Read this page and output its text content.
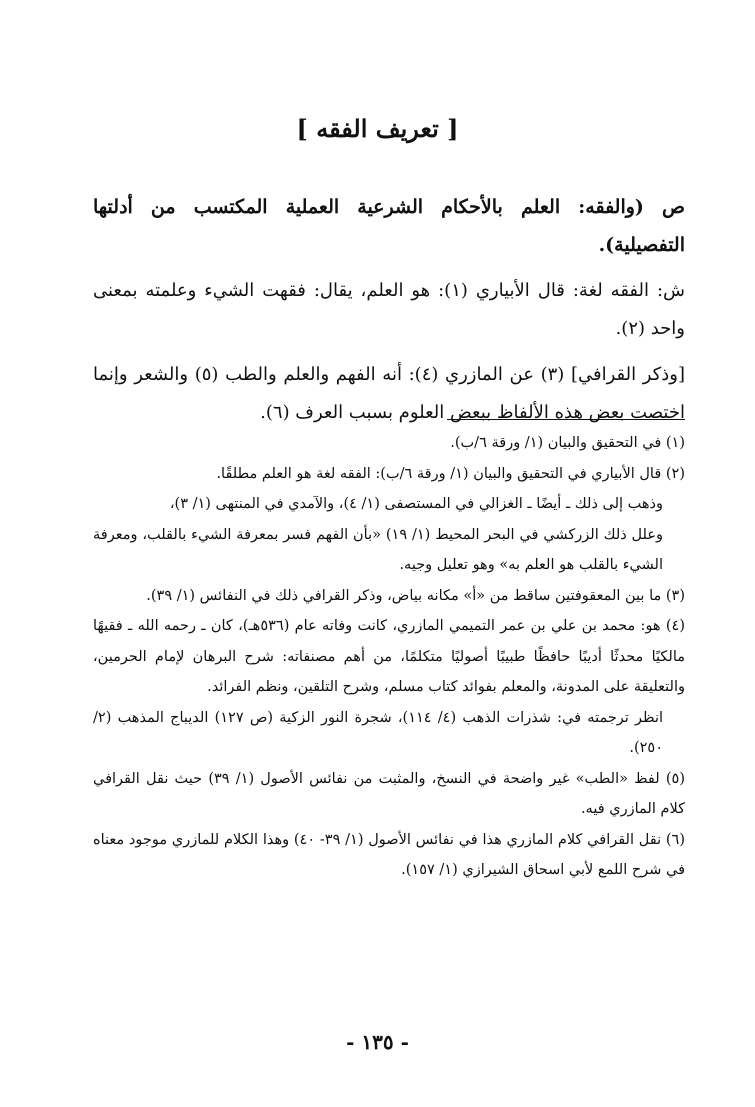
[ تعريف الفقه ]

ص (والفقه: العلم بالأحكام الشرعية العملية المكتسب من أدلتها التفصيلية).

ش: الفقه لغة: قال الأبياري (١): هو العلم، يقال: فقهت الشيء وعلمته بمعنى واحد (٢).

[وذكر القرافي] (٣) عن المازري (٤): أنه الفهم والعلم والطب (٥) والشعر وإنما اختصت بعض هذه الألفاظ ببعض العلوم بسبب العرف (٦).

(١) في التحقيق والبيان (١/ ورقة ٦/ب).

(٢) قال الأبياري في التحقيق والبيان (١/ ورقة ٦/ب): الفقه لغة هو العلم مطلقًا.

وذهب إلى ذلك ـ أيضًا ـ الغزالي في المستصفى (١/ ٤)، والآمدي في المنتهى (١/ ٣)،

وعلل ذلك الزركشي في البحر المحيط (١/ ١٩) «بأن الفهم فسر بمعرفة الشيء بالقلب، ومعرفة الشيء بالقلب هو العلم به» وهو تعليل وجيه.

(٣) ما بين المعقوفتين ساقط من «أ» مكانه بياض، وذكر القرافي ذلك في النفائس (١/ ٣٩).

(٤) هو: محمد بن علي بن عمر التميمي المازري، كانت وفاته عام (٥٣٦هـ)، كان ـ رحمه الله ـ فقيهًا مالكيًا محدثًا أديبًا حافظًا طبيبًا أصوليًا متكلمًا، من أهم مصنفاته: شرح البرهان لإمام الحرمين، والتعليقة على المدونة، والمعلم بفوائد كتاب مسلم، وشرح التلقين، ونظم الفرائد.

انظر ترجمته في: شذرات الذهب (٤/ ١١٤)، شجرة النور الزكية (ص ١٢٧) الديباج المذهب (٢/ ٢٥٠).

(٥) لفظ «الطب» غير واضحة في النسخ، والمثبت من نفائس الأصول (١/ ٣٩) حيث نقل القرافي كلام المازري فيه.

(٦) نقل القرافي كلام المازري هذا في نفائس الأصول (١/ ٣٩- ٤٠) وهذا الكلام للمازري موجود معناه في شرح اللمع لأبي اسحاق الشيرازي (١/ ١٥٧).

- ١٣٥ -
